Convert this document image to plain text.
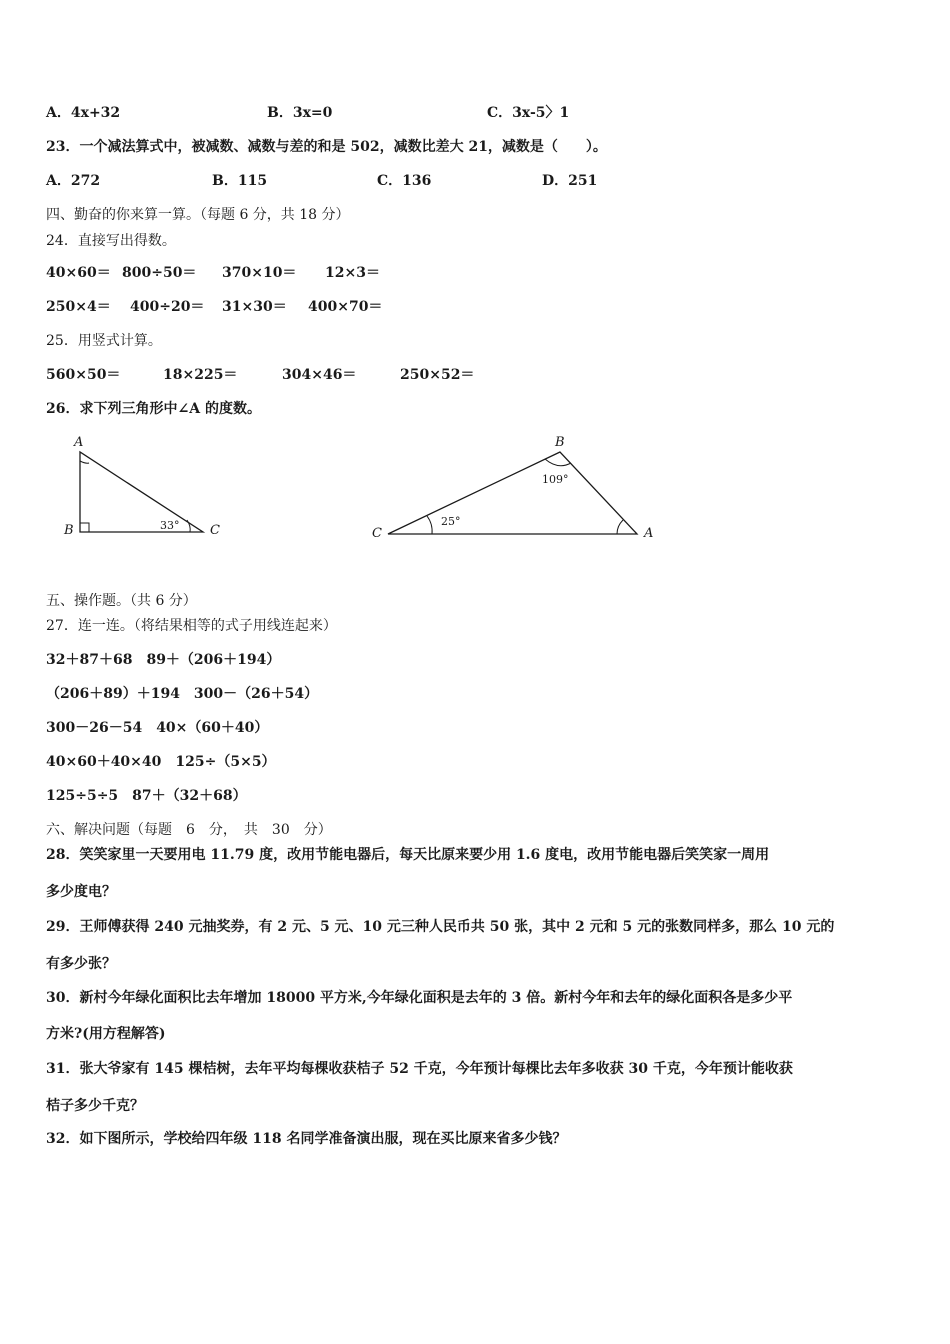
A．4x+32	B．3x=0	C．3x-5〉1
23．一个减法算式中，被减数、减数与差的和是 502，减数比差大 21，减数是（　　）。
A．272	B．115	C．136	D．251
四、勤奋的你来算一算。（每题 6 分，共 18 分）
24．直接写出得数。
40×60＝ 800÷50＝ 370×10＝ 12×3＝
250×4＝ 400÷20＝ 31×30＝ 400×70＝
25．用竖式计算。
560×50＝	18×225＝	304×46＝	250×52＝
26．求下列三角形中∠A 的度数。
A
B	C
33°
B
C	A
109°
25°
五、操作题。（共 6 分）
27．连一连。（将结果相等的式子用线连起来）
32＋87＋68　89＋（206＋194）
（206＋89）＋194　300－（26＋54）
300－26－54　40×（60＋40）
40×60＋40×40　125÷（5×5）
125÷5÷5　87＋（32＋68）
六、解决问题（每题　6　分，　共　30　分）
28．笑笑家里一天要用电 11.79 度，改用节能电器后，每天比原来要少用 1.6 度电，改用节能电器后笑笑家一周用
多少度电？
29．王师傅获得 240 元抽奖券，有 2 元、5 元、10 元三种人民币共 50 张，其中 2 元和 5 元的张数同样多，那么 10 元的
有多少张？
30．新村今年绿化面积比去年增加 18000 平方米,今年绿化面积是去年的 3 倍。新村今年和去年的绿化面积各是多少平
方米?(用方程解答)
31．张大爷家有 145 棵桔树，去年平均每棵收获桔子 52 千克，今年预计每棵比去年多收获 30 千克，今年预计能收获
桔子多少千克？
32．如下图所示，学校给四年级 118 名同学准备演出服，现在买比原来省多少钱？
